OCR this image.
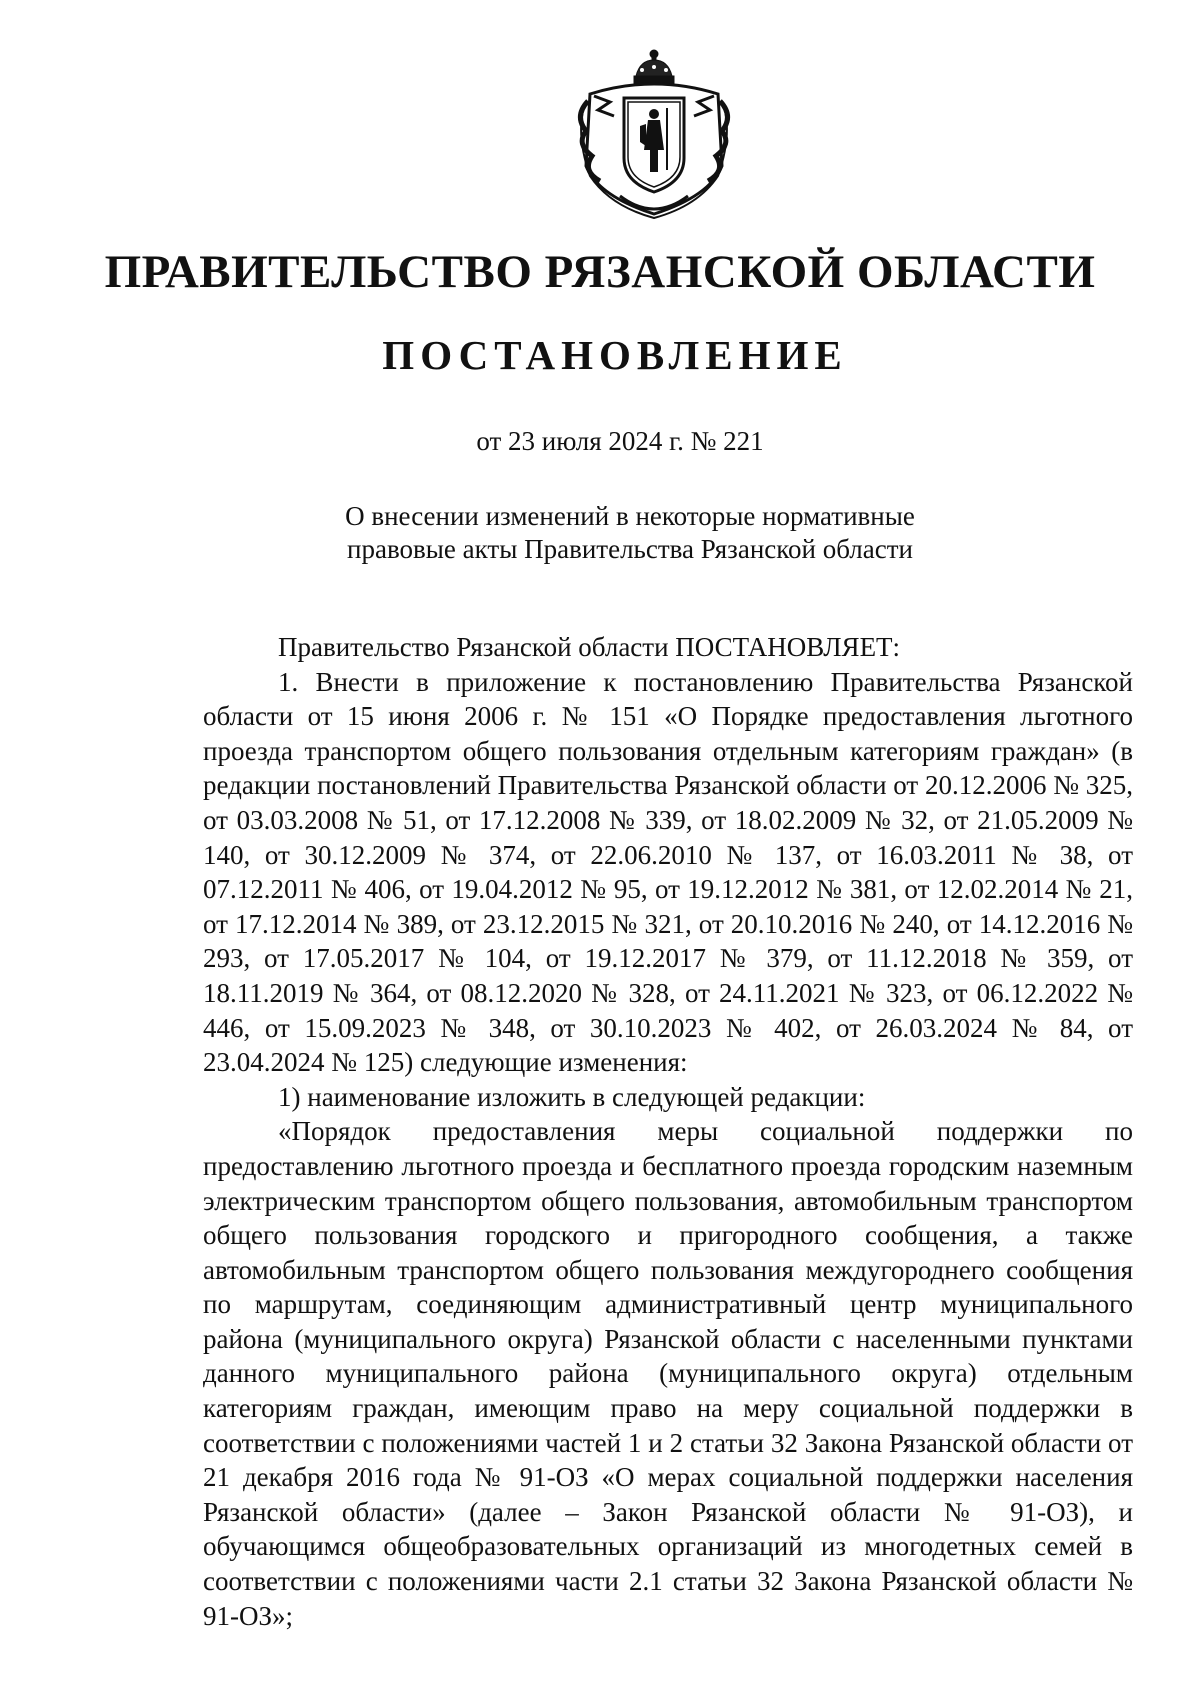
ПРАВИТЕЛЬСТВО РЯЗАНСКОЙ ОБЛАСТИ
ПОСТАНОВЛЕНИЕ
от 23 июля 2024 г. № 221
О внесении изменений в некоторые нормативные
правовые акты Правительства Рязанской области

Правительство Рязанской области ПОСТАНОВЛЯЕТ:

1. Внести в приложение к постановлению Правительства Рязанской области от 15 июня 2006 г. № 151 «О Порядке предоставления льготного проезда транспортом общего пользования отдельным категориям граждан» (в редакции постановлений Правительства Рязанской области от 20.12.2006 № 325, от 03.03.2008 № 51, от 17.12.2008 № 339, от 18.02.2009 № 32, от 21.05.2009 № 140, от 30.12.2009 № 374, от 22.06.2010 № 137, от 16.03.2011 № 38, от 07.12.2011 № 406, от 19.04.2012 № 95, от 19.12.2012 № 381, от 12.02.2014 № 21, от 17.12.2014 № 389, от 23.12.2015 № 321, от 20.10.2016 № 240, от 14.12.2016 № 293, от 17.05.2017 № 104, от 19.12.2017 № 379, от 11.12.2018 № 359, от 18.11.2019 № 364, от 08.12.2020 № 328, от 24.11.2021 № 323, от 06.12.2022 № 446, от 15.09.2023 № 348, от 30.10.2023 № 402, от 26.03.2024 № 84, от 23.04.2024 № 125) следующие изменения:

1) наименование изложить в следующей редакции:

«Порядок предоставления меры социальной поддержки по предоставлению льготного проезда и бесплатного проезда городским наземным электрическим транспортом общего пользования, автомобильным транспортом общего пользования городского и пригородного сообщения, а также автомобильным транспортом общего пользования междугороднего сообщения по маршрутам, соединяющим административный центр муниципального района (муниципального округа) Рязанской области с населенными пунктами данного муниципального района (муниципального округа) отдельным категориям граждан, имеющим право на меру социальной поддержки в соответствии с положениями частей 1 и 2 статьи 32 Закона Рязанской области от 21 декабря 2016 года № 91-ОЗ «О мерах социальной поддержки населения Рязанской области» (далее – Закон Рязанской области № 91-ОЗ), и обучающимся общеобразовательных организаций из многодетных семей в соответствии с положениями части 2.1 статьи 32 Закона Рязанской области № 91-ОЗ»;
